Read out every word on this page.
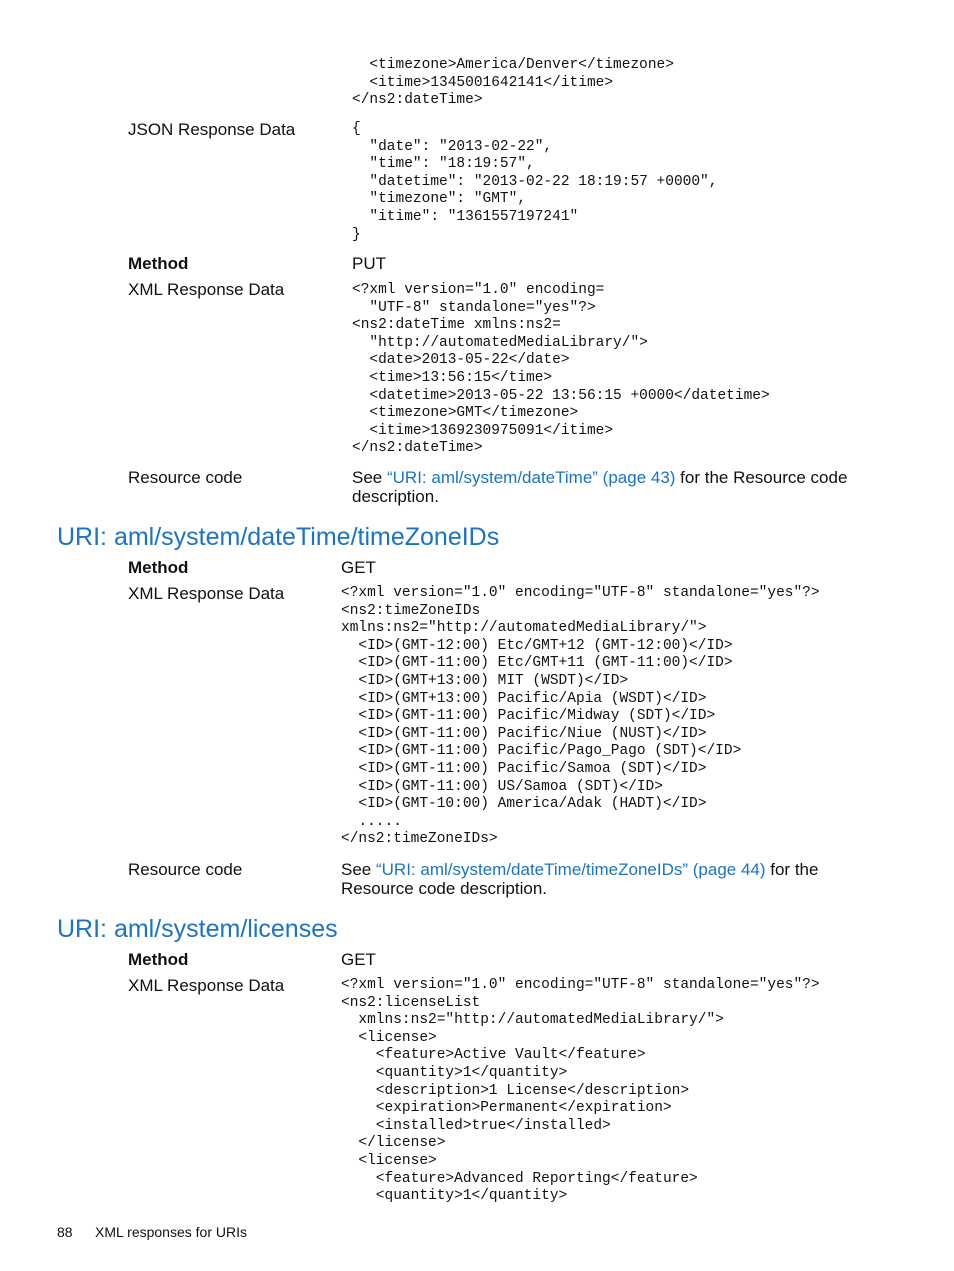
<timezone>America/Denver</timezone>
<itime>1345001642141</itime>
</ns2:dateTime>
JSON Response Data	{
"date": "2013-02-22",
"time": "18:19:57",
"datetime": "2013-02-22 18:19:57 +0000",
"timezone": "GMT",
"itime": "1361557197241"
}
Method	PUT
XML Response Data	<?xml version="1.0" encoding=
"UTF-8" standalone="yes"?>
<ns2:dateTime xmlns:ns2=
"http://automatedMediaLibrary/">
<date>2013-05-22</date>
<time>13:56:15</time>
<datetime>2013-05-22 13:56:15 +0000</datetime>
<timezone>GMT</timezone>
<itime>1369230975091</itime>
</ns2:dateTime>
Resource code	See “URI: aml/system/dateTime” (page 43) for the Resource code
description.
URI: aml/system/dateTime/timeZoneIDs
Method	GET
XML Response Data	<?xml version="1.0" encoding="UTF-8" standalone="yes"?>
<ns2:timeZoneIDs
xmlns:ns2="http://automatedMediaLibrary/">
<ID>(GMT-12:00) Etc/GMT+12 (GMT-12:00)</ID>
<ID>(GMT-11:00) Etc/GMT+11 (GMT-11:00)</ID>
<ID>(GMT+13:00) MIT (WSDT)</ID>
<ID>(GMT+13:00) Pacific/Apia (WSDT)</ID>
<ID>(GMT-11:00) Pacific/Midway (SDT)</ID>
<ID>(GMT-11:00) Pacific/Niue (NUST)</ID>
<ID>(GMT-11:00) Pacific/Pago_Pago (SDT)</ID>
<ID>(GMT-11:00) Pacific/Samoa (SDT)</ID>
<ID>(GMT-11:00) US/Samoa (SDT)</ID>
<ID>(GMT-10:00) America/Adak (HADT)</ID>
.....
</ns2:timeZoneIDs>
Resource code	See “URI: aml/system/dateTime/timeZoneIDs” (page 44) for the
Resource code description.
URI: aml/system/licenses
Method	GET
XML Response Data	<?xml version="1.0" encoding="UTF-8" standalone="yes"?>
<ns2:licenseList
xmlns:ns2="http://automatedMediaLibrary/">
<license>
<feature>Active Vault</feature>
<quantity>1</quantity>
<description>1 License</description>
<expiration>Permanent</expiration>
<installed>true</installed>
</license>
<license>
<feature>Advanced Reporting</feature>
<quantity>1</quantity>
88 XML responses for URIs
